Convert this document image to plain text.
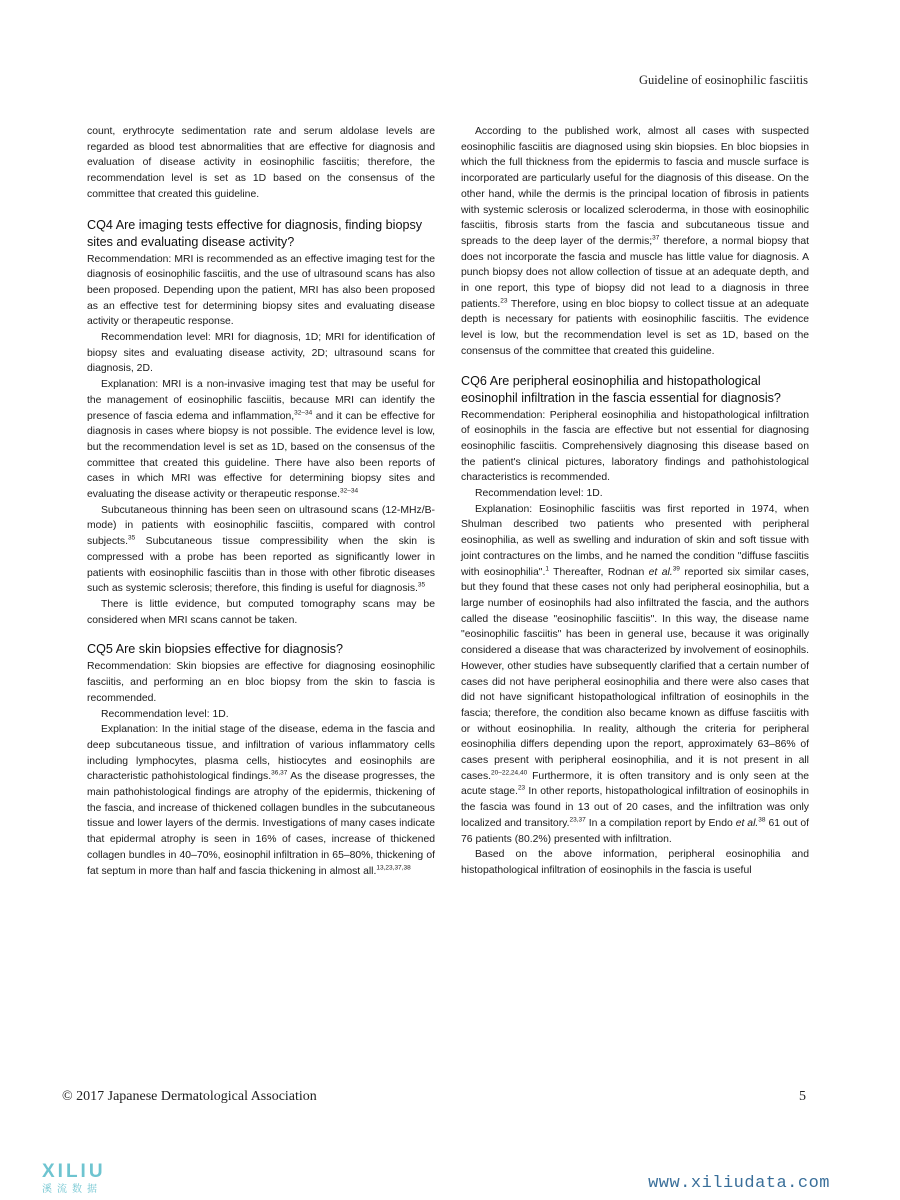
Guideline of eosinophilic fasciitis

count, erythrocyte sedimentation rate and serum aldolase levels are regarded as blood test abnormalities that are effective for diagnosis and evaluation of disease activity in eosinophilic fasciitis; therefore, the recommendation level is set as 1D based on the consensus of the committee that created this guideline.

CQ4 Are imaging tests effective for diagnosis, finding biopsy sites and evaluating disease activity?

Recommendation: MRI is recommended as an effective imaging test for the diagnosis of eosinophilic fasciitis, and the use of ultrasound scans has also been proposed. Depending upon the patient, MRI has also been proposed as an effective test for determining biopsy sites and evaluating disease activity or therapeutic response.

Recommendation level: MRI for diagnosis, 1D; MRI for identification of biopsy sites and evaluating disease activity, 2D; ultrasound scans for diagnosis, 2D.

Explanation: MRI is a non-invasive imaging test that may be useful for the management of eosinophilic fasciitis, because MRI can identify the presence of fascia edema and inflammation,$^{32-34}$ and it can be effective for diagnosis in cases where biopsy is not possible. The evidence level is low, but the recommendation level is set as 1D, based on the consensus of the committee that created this guideline. There have also been reports of cases in which MRI was effective for determining biopsy sites and evaluating the disease activity or therapeutic response.$^{32-34}$

Subcutaneous thinning has been seen on ultrasound scans (12-MHz/B-mode) in patients with eosinophilic fasciitis, compared with control subjects.$^{35}$ Subcutaneous tissue compressibility when the skin is compressed with a probe has been reported as significantly lower in patients with eosinophilic fasciitis than in those with other fibrotic diseases such as systemic sclerosis; therefore, this finding is useful for diagnosis.$^{35}$

There is little evidence, but computed tomography scans may be considered when MRI scans cannot be taken.

CQ5 Are skin biopsies effective for diagnosis?

Recommendation: Skin biopsies are effective for diagnosing eosinophilic fasciitis, and performing an en bloc biopsy from the skin to fascia is recommended.

Recommendation level: 1D.

Explanation: In the initial stage of the disease, edema in the fascia and deep subcutaneous tissue, and infiltration of various inflammatory cells including lymphocytes, plasma cells, histiocytes and eosinophils are characteristic pathohistological findings.$^{36,37}$ As the disease progresses, the main pathohistological findings are atrophy of the epidermis, thickening of the fascia, and increase of thickened collagen bundles in the subcutaneous tissue and lower layers of the dermis. Investigations of many cases indicate that epidermal atrophy is seen in 16% of cases, increase of thickened collagen bundles in 40–70%, eosinophil infiltration in 65–80%, thickening of fat septum in more than half and fascia thickening in almost all.$^{13,23,37,38}$

According to the published work, almost all cases with suspected eosinophilic fasciitis are diagnosed using skin biopsies. En bloc biopsies in which the full thickness from the epidermis to fascia and muscle surface is incorporated are particularly useful for the diagnosis of this disease. On the other hand, while the dermis is the principal location of fibrosis in patients with systemic sclerosis or localized scleroderma, in those with eosinophilic fasciitis, fibrosis starts from the fascia and subcutaneous tissue and spreads to the deep layer of the dermis;$^{37}$ therefore, a normal biopsy that does not incorporate the fascia and muscle has little value for diagnosis. A punch biopsy does not allow collection of tissue at an adequate depth, and in one report, this type of biopsy did not lead to a diagnosis in three patients.$^{23}$ Therefore, using en bloc biopsy to collect tissue at an adequate depth is necessary for patients with eosinophilic fasciitis. The evidence level is low, but the recommendation level is set as 1D, based on the consensus of the committee that created this guideline.

CQ6 Are peripheral eosinophilia and histopathological eosinophil infiltration in the fascia essential for diagnosis?

Recommendation: Peripheral eosinophilia and histopathological infiltration of eosinophils in the fascia are effective but not essential for diagnosing eosinophilic fasciitis. Comprehensively diagnosing this disease based on the patient's clinical pictures, laboratory findings and pathohistological characteristics is recommended.

Recommendation level: 1D.

Explanation: Eosinophilic fasciitis was first reported in 1974, when Shulman described two patients who presented with peripheral eosinophilia, as well as swelling and induration of skin and soft tissue with joint contractures on the limbs, and he named the condition "diffuse fasciitis with eosinophilia".$^1$ Thereafter, Rodnan et al.$^{39}$ reported six similar cases, but they found that these cases not only had peripheral eosinophilia, but a large number of eosinophils had also infiltrated the fascia, and the authors called the disease "eosinophilic fasciitis". In this way, the disease name "eosinophilic fasciitis" has been in general use, because it was originally considered a disease that was characterized by involvement of eosinophils. However, other studies have subsequently clarified that a certain number of cases did not have peripheral eosinophilia and there were also cases that did not have significant histopathological infiltration of eosinophils in the fascia; therefore, the condition also became known as diffuse fasciitis with or without eosinophilia. In reality, although the criteria for peripheral eosinophilia differs depending upon the report, approximately 63–86% of cases present with peripheral eosinophilia, and it is not present in all cases.$^{20-22,24,40}$ Furthermore, it is often transitory and is only seen at the acute stage.$^{23}$ In other reports, histopathological infiltration of eosinophils in the fascia was found in 13 out of 20 cases, and the infiltration was only localized and transitory.$^{23,37}$ In a compilation report by Endo et al.$^{38}$ 61 out of 76 patients (80.2%) presented with infiltration.

Based on the above information, peripheral eosinophilia and histopathological infiltration of eosinophils in the fascia is useful

© 2017 Japanese Dermatological Association	5
XILIU
溪流数据	www.xiliudata.com
